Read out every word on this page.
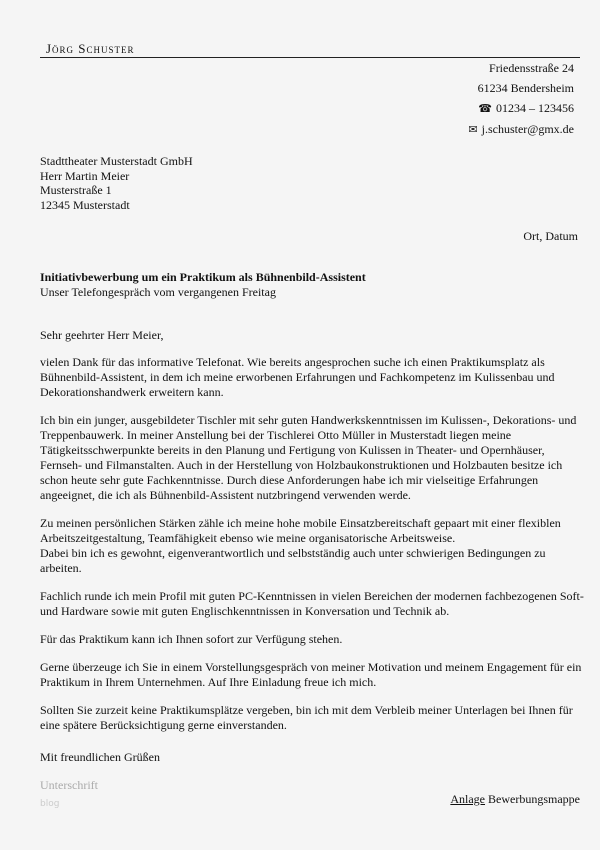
Jörg Schuster
Friedensstraße 24
61234 Bendersheim
☎ 01234 – 123456
✉ j.schuster@gmx.de
Stadttheater Musterstadt GmbH
Herr Martin Meier
Musterstraße 1
12345 Musterstadt
Ort, Datum
Initiativbewerbung um ein Praktikum als Bühnenbild-Assistent
Unser Telefongespräch vom vergangenen Freitag
Sehr geehrter Herr Meier,

vielen Dank für das informative Telefonat. Wie bereits angesprochen suche ich einen Praktikumsplatz als Bühnenbild-Assistent, in dem ich meine erworbenen Erfahrungen und Fachkompetenz im Kulissenbau und Dekorationshandwerk erweitern kann.

Ich bin ein junger, ausgebildeter Tischler mit sehr guten Handwerkskenntnissen im Kulissen-, Dekorations- und Treppenbauwerk. In meiner Anstellung bei der Tischlerei Otto Müller in Musterstadt liegen meine Tätigkeitsschwerpunkte bereits in den Planung und Fertigung von Kulissen in Theater- und Opernhäuser, Fernseh- und Filmanstalten. Auch in der Herstellung von Holzbaukonstruktionen und Holzbauten besitze ich schon heute sehr gute Fachkenntnisse. Durch diese Anforderungen habe ich mir vielseitige Erfahrungen angeeignet, die ich als Bühnenbild-Assistent nutzbringend verwenden werde.

Zu meinen persönlichen Stärken zähle ich meine hohe mobile Einsatzbereitschaft gepaart mit einer flexiblen Arbeitszeitgestaltung, Teamfähigkeit ebenso wie meine organisatorische Arbeitsweise.
Dabei bin ich es gewohnt, eigenverantwortlich und selbstständig auch unter schwierigen Bedingungen zu arbeiten.

Fachlich runde ich mein Profil mit guten PC-Kenntnissen in vielen Bereichen der modernen fachbezogenen Soft- und Hardware sowie mit guten Englischkenntnissen in Konversation und Technik ab.

Für das Praktikum kann ich Ihnen sofort zur Verfügung stehen.

Gerne überzeuge ich Sie in einem Vorstellungsgespräch von meiner Motivation und meinem Engagement für ein Praktikum in Ihrem Unternehmen. Auf Ihre Einladung freue ich mich.

Sollten Sie zurzeit keine Praktikumsplätze vergeben, bin ich mit dem Verbleib meiner Unterlagen bei Ihnen für eine spätere Berücksichtigung gerne einverstanden.

Mit freundlichen Grüßen
Unterschrift
blog	Anlage Bewerbungsmappe
